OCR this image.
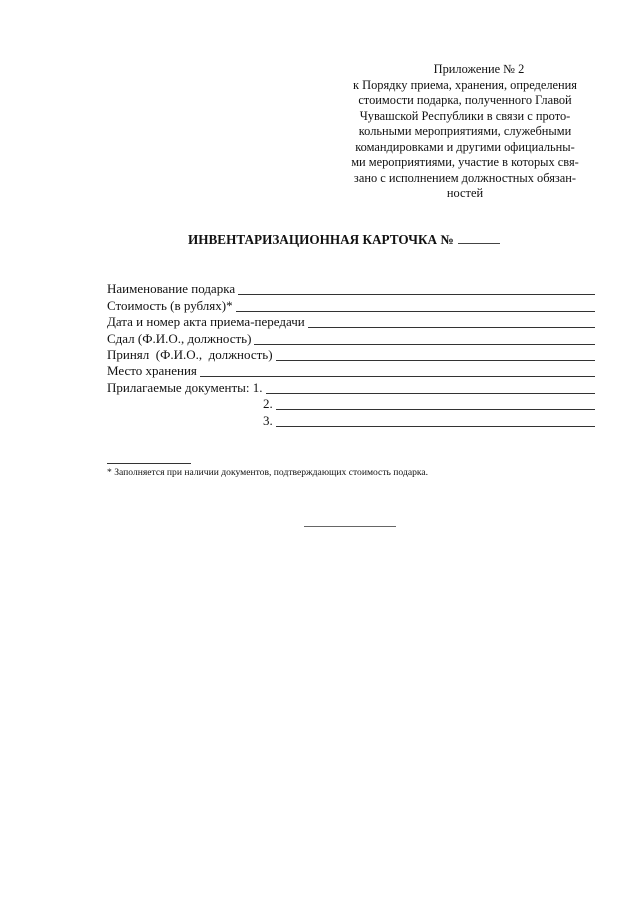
Приложение № 2
к Порядку приема, хранения, определения
стоимости подарка, полученного Главой
Чувашской Республики в связи с прото-
кольными мероприятиями, служебными
командировками и другими официальны-
ми мероприятиями, участие в которых свя-
зано с исполнением должностных обязан-
ностей
ИНВЕНТАРИЗАЦИОННАЯ КАРТОЧКА №
Наименование подарка
Стоимость (в рублях)*
Дата и номер акта приема-передачи
Сдал (Ф.И.О., должность)
Принял  (Ф.И.О.,  должность)
Место хранения
Прилагаемые документы: 1.
2.
3.
* Заполняется при наличии документов, подтверждающих стоимость подарка.
